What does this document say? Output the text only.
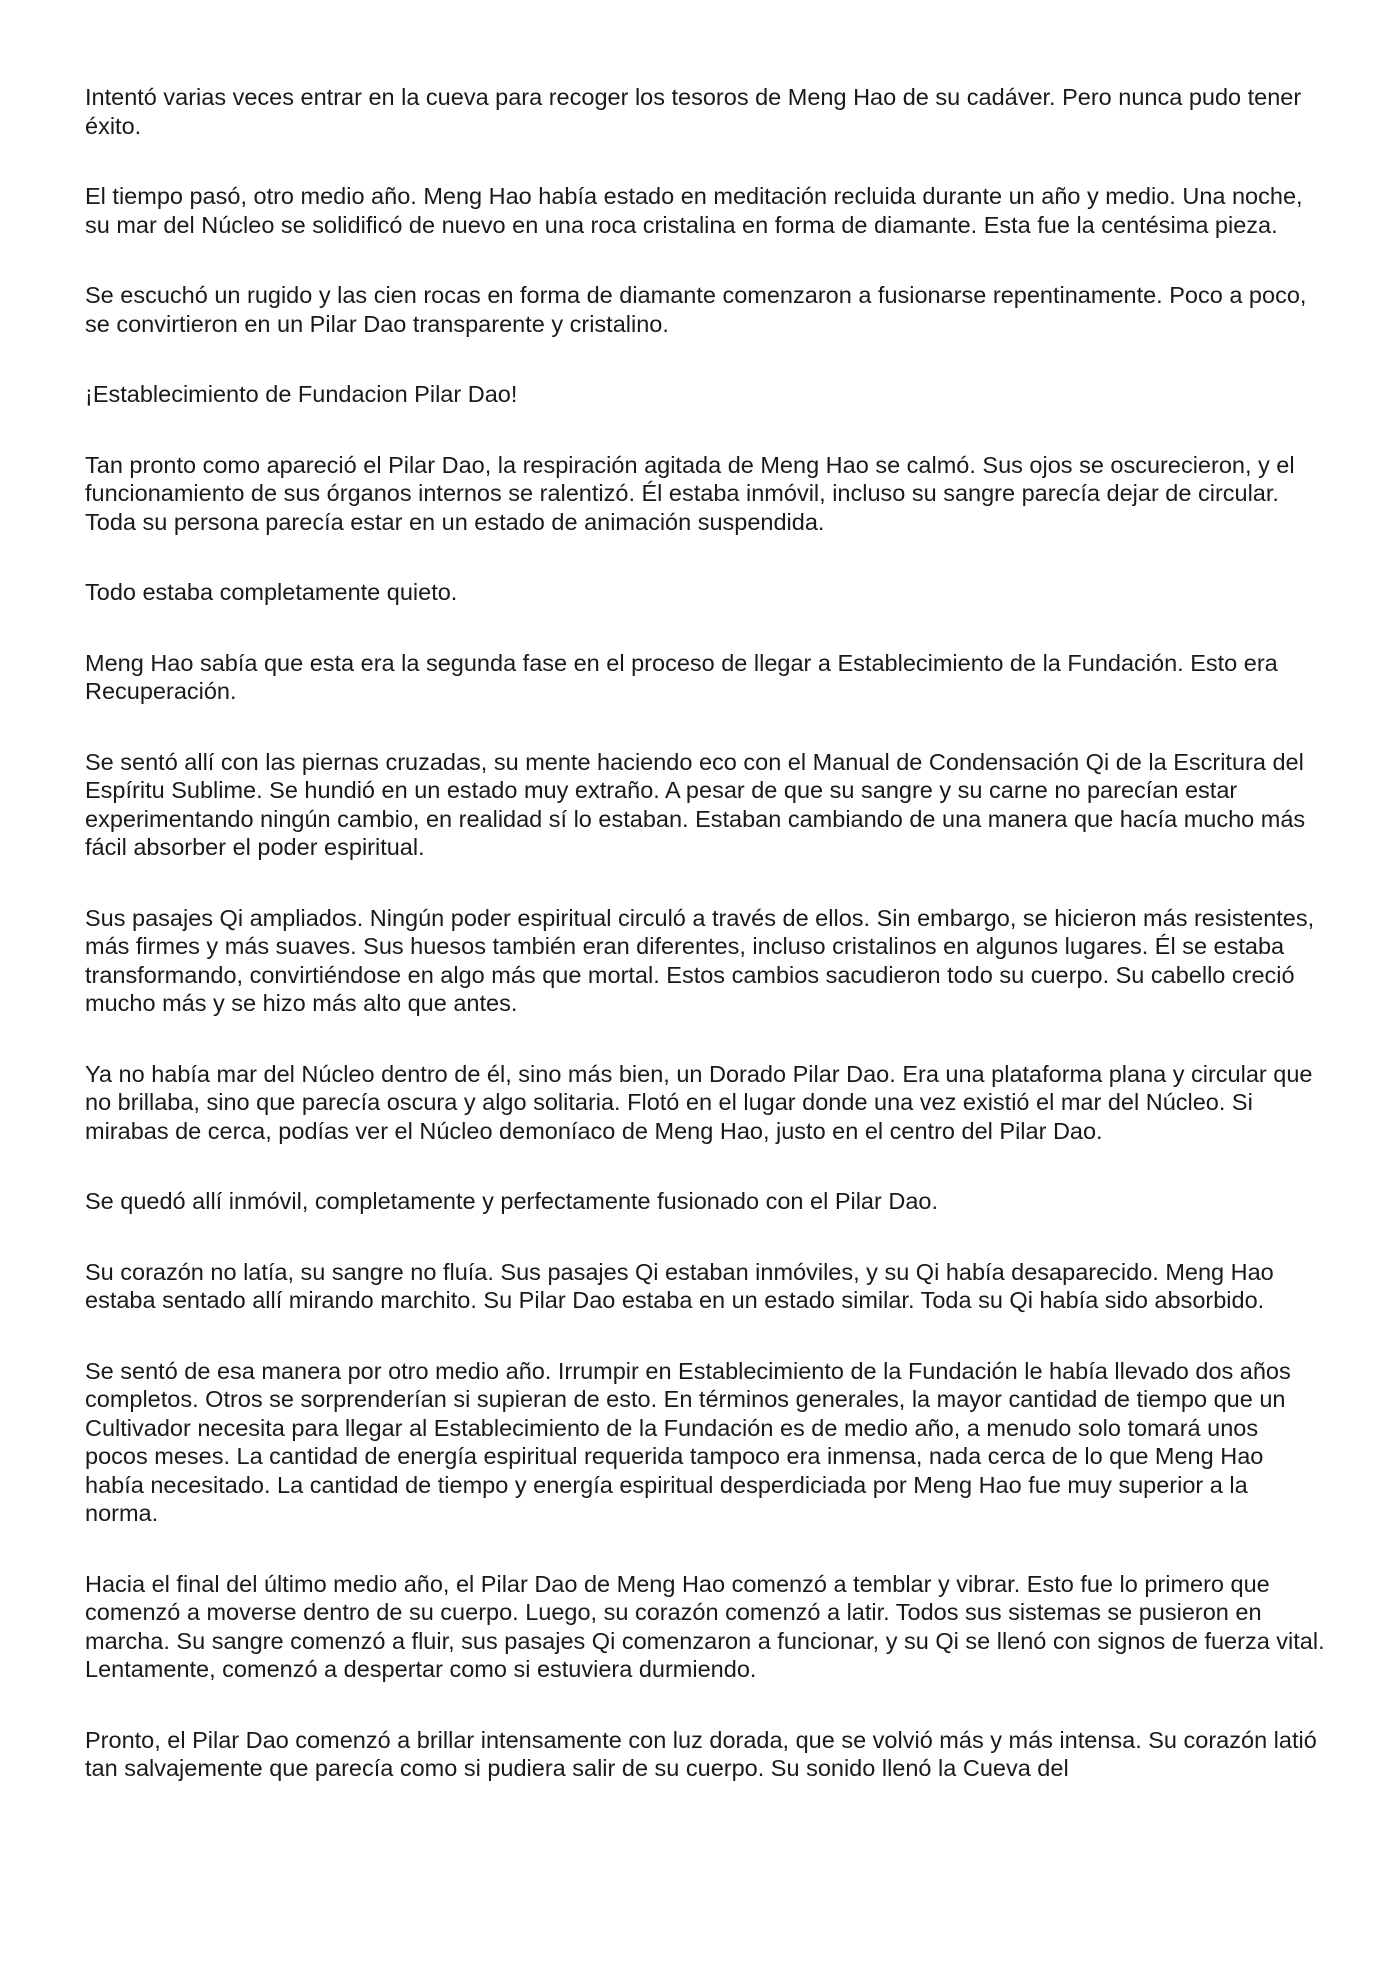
Intentó varias veces entrar en la cueva para recoger los tesoros de Meng Hao de su cadáver. Pero nunca pudo tener éxito.

El tiempo pasó, otro medio año. Meng Hao había estado en meditación recluida durante un año y medio. Una noche, su mar del Núcleo se solidificó de nuevo en una roca cristalina en forma de diamante. Esta fue la centésima pieza.

Se escuchó un rugido y las cien rocas en forma de diamante comenzaron a fusionarse repentinamente. Poco a poco, se convirtieron en un Pilar Dao transparente y cristalino.

¡Establecimiento de Fundacion Pilar Dao!

Tan pronto como apareció el Pilar Dao, la respiración agitada de Meng Hao se calmó. Sus ojos se oscurecieron, y el funcionamiento de sus órganos internos se ralentizó. Él estaba inmóvil, incluso su sangre parecía dejar de circular. Toda su persona parecía estar en un estado de animación suspendida.

Todo estaba completamente quieto.

Meng Hao sabía que esta era la segunda fase en el proceso de llegar a Establecimiento de la Fundación. Esto era Recuperación.

Se sentó allí con las piernas cruzadas, su mente haciendo eco con el Manual de Condensación Qi de la Escritura del Espíritu Sublime. Se hundió en un estado muy extraño. A pesar de que su sangre y su carne no parecían estar experimentando ningún cambio, en realidad sí lo estaban. Estaban cambiando de una manera que hacía mucho más fácil absorber el poder espiritual.

Sus pasajes Qi ampliados. Ningún poder espiritual circuló a través de ellos. Sin embargo, se hicieron más resistentes, más firmes y más suaves. Sus huesos también eran diferentes, incluso cristalinos en algunos lugares. Él se estaba transformando, convirtiéndose en algo más que mortal. Estos cambios sacudieron todo su cuerpo. Su cabello creció mucho más y se hizo más alto que antes.

Ya no había mar del Núcleo dentro de él, sino más bien, un Dorado Pilar Dao. Era una plataforma plana y circular que no brillaba, sino que parecía oscura y algo solitaria. Flotó en el lugar donde una vez existió el mar del Núcleo. Si mirabas de cerca, podías ver el Núcleo demoníaco de Meng Hao, justo en el centro del Pilar Dao.

Se quedó allí inmóvil, completamente y perfectamente fusionado con el Pilar Dao.

Su corazón no latía, su sangre no fluía. Sus pasajes Qi estaban inmóviles, y su Qi había desaparecido. Meng Hao estaba sentado allí mirando marchito. Su Pilar Dao estaba en un estado similar. Toda su Qi había sido absorbido.

Se sentó de esa manera por otro medio año. Irrumpir en Establecimiento de la Fundación le había llevado dos años completos. Otros se sorprenderían si supieran de esto. En términos generales, la mayor cantidad de tiempo que un Cultivador necesita para llegar al Establecimiento de la Fundación es de medio año, a menudo solo tomará unos pocos meses. La cantidad de energía espiritual requerida tampoco era inmensa, nada cerca de lo que Meng Hao había necesitado. La cantidad de tiempo y energía espiritual desperdiciada por Meng Hao fue muy superior a la norma.

Hacia el final del último medio año, el Pilar Dao de Meng Hao comenzó a temblar y vibrar. Esto fue lo primero que comenzó a moverse dentro de su cuerpo. Luego, su corazón comenzó a latir. Todos sus sistemas se pusieron en marcha. Su sangre comenzó a fluir, sus pasajes Qi comenzaron a funcionar, y su Qi se llenó con signos de fuerza vital. Lentamente, comenzó a despertar como si estuviera durmiendo.

Pronto, el Pilar Dao comenzó a brillar intensamente con luz dorada, que se volvió más y más intensa. Su corazón latió tan salvajemente que parecía como si pudiera salir de su cuerpo. Su sonido llenó la Cueva del
